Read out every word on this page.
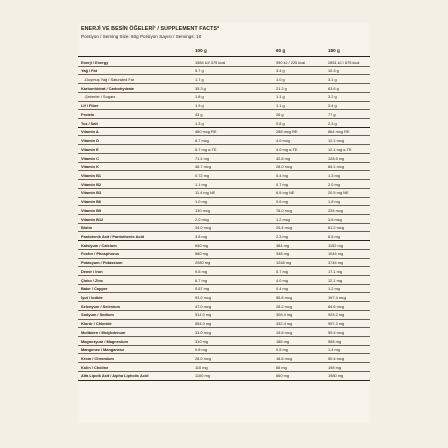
ENERJİ VE BESİN ÖĞELERİ¹ / SUPPLEMENT FACTS*
Porsiyon / Serving Size: 60g Porsiyon Sayısı / Servings: 10
100 g	60 g	180 g
Enerji / Energy	1584 kJ/ 375 kcal	950 kJ / 225 kcal	2851 kJ / 675 kcal
Yağ / Fat	5.7 g	3.4 g	10.3 g
-Doymuş Yağ / Saturated Fat	1.7 g	1.0 g	3.1 g
Karbonhidrat / Carbohydrate	35.3 g	21.2 g	63.6 g
-Şekerler / Sugars	1.8 g	1.1 g	3.2 g
Lif / Fiber	1.9 g	1.1 g	3.4 g
Protein	43 g	26 g	77 g
Tuz / Salt	1.3 g	0.8 g	2.3 g
Vitamin A	480 mcg RE	288 mcg RE	864 mcg RE
Vitamin D	6.7 mcg	4.0 mcg	12.1 mcg
Vitamin E	6.7 mg α-TE	4.0 mg α-TE	12.1 mg α-TE
Vitamin C	71.4 mg	42.8 mg	128.5 mg
Vitamin K	46.7 mcg	28.0 mcg	84.1 mcg
Vitamin B1	0.72 mg	0.4 mg	1.3 mg
Vitamin B2	1.1 mg	0.7 mg	2.0 mg
Vitamin B3	11.4 mg NE	6.9 mg NE	20.5 mg NE
Vitamin B6	1.0 mg	0.6 mg	1.8 mg
Vitamin B9	130 mcg	78.0 mcg	234 mcg
Vitamin B12	2.0 mcg	1.2 mcg	3.6 mcg
Biotin	34.0 mcg	20.4 mcg	61.2 mcg
Pantotenik Asit / Pantothenic Acid	3.8 mg	2.3 mg	6.8 mg
Kalsiyum / Calcium	640 mg	384 mg	1152 mg
Fosfor / Phosphorus	580 mg	348 mg	1044 mg
Potasyum / Potassium	2080 mg	1248 mg	3744 mg
Demir / Iron	9.5 mg	5.7 mg	17.1 mg
Çinko / Zinc	6.7 mg	4.0 mg	12.1 mg
Bakır / Copper	0.67 mg	0.4 mg	1.2 mg
İyot / Iodide	93.0 mcg	55.8 mcg	167.4 mcg
Selenyum / Selenium	47.0 mcg	28.2 mcg	84.6 mcg
Sodyum / Sodium	514.0 mg	308.4 mg	925.2 mg
Klorür / Chloride	554.0 mg	332.4 mg	997.2 mg
Molibden / Molybdenum	33.0 mcg	19.8 mcg	59.4 mcg
Magnezyum / Magnesium	310 mg	186 mg	558 mg
Mangenez / Manganese	0.8 mg	0.5 mg	1.4 mg
Krom / Chromium	28.0 mcg	16.8 mcg	50.4 mcg
Kolin / Choline	110 mg	66 mg	198 mg
Alfa Lipoik Asit / Alpha Lipholic Acid	1100 mg	660 mg	1980 mg
